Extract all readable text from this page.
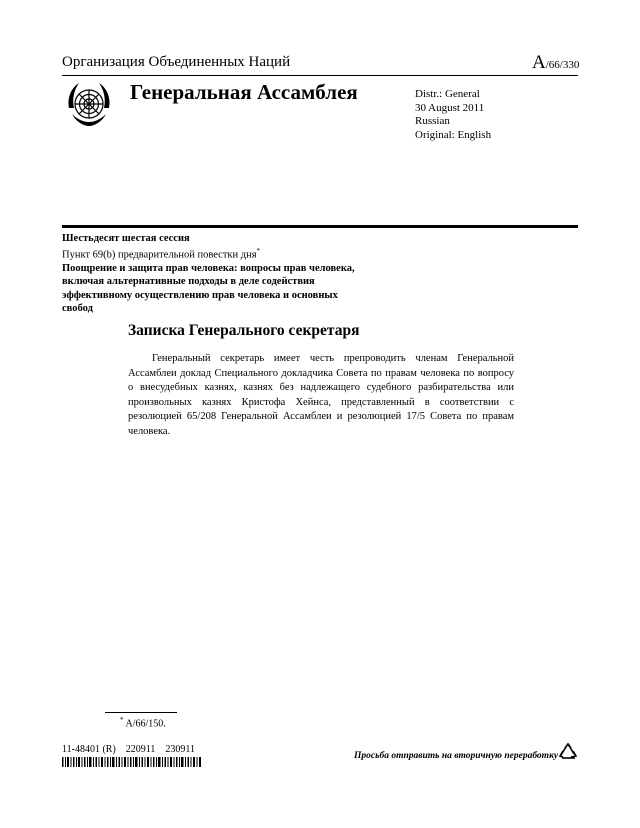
Организация Объединенных Наций	A/66/330
Генеральная Ассамблея	Distr.: General
30 August 2011
Russian
Original: English
Шестьдесят шестая сессия
Пункт 69(b) предварительной повестки дня*
Поощрение и защита прав человека: вопросы прав человека, включая альтернативные подходы в деле содействия эффективному осуществлению прав человека и основных свобод
Записка Генерального секретаря
Генеральный секретарь имеет честь препроводить членам Генеральной Ассамблеи доклад Специального докладчика Совета по правам человека по вопросу о внесудебных казнях, казнях без надлежащего судебного разбирательства или произвольных казнях Кристофа Хейнса, представленный в соответствии с резолюцией 65/208 Генеральной Ассамблеи и резолюцией 17/5 Совета по правам человека.
* A/66/150.
11-48401 (R)    220911    230911
Просьба отправить на вторичную переработку
